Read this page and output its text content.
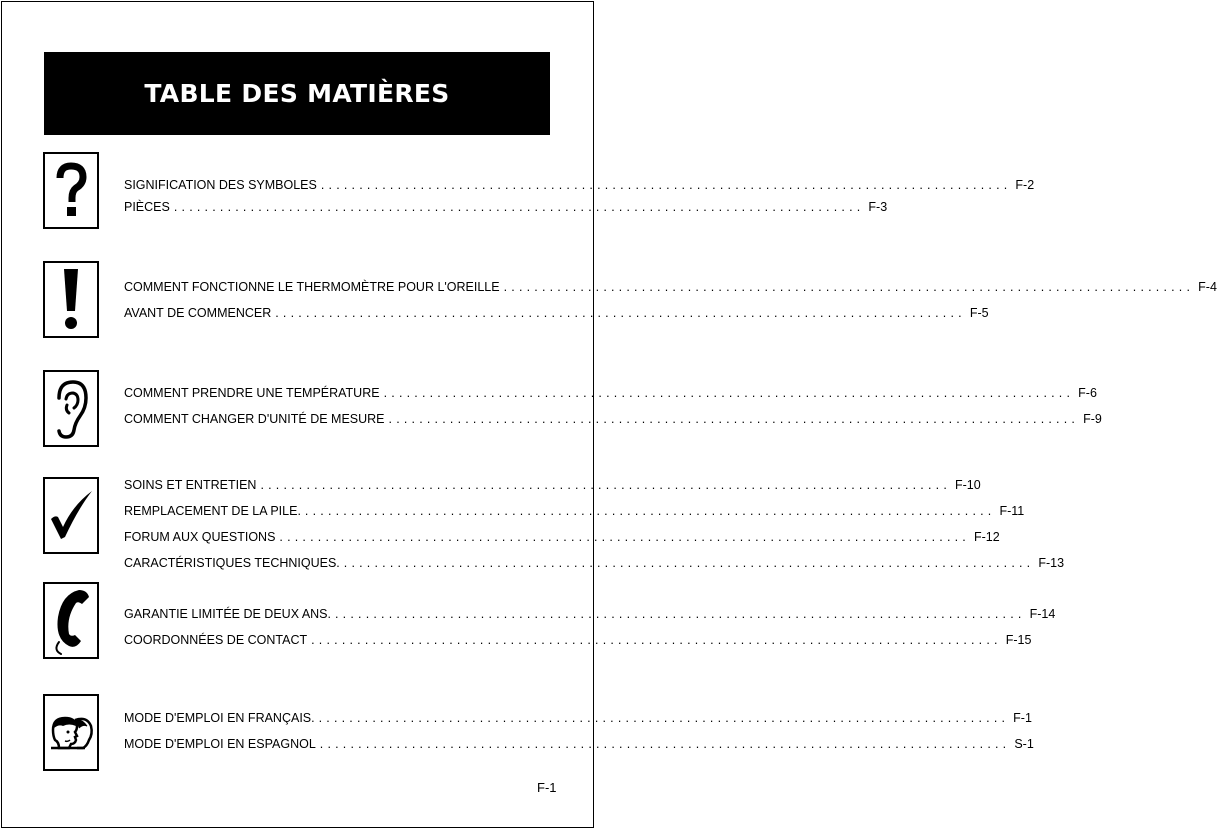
TABLE DES MATIÈRES
SIGNIFICATION DES SYMBOLES .......................................................................................... F-2
PIÈCES .......................................................................................... F-3
COMMENT FONCTIONNE LE THERMOMÈTRE POUR L'OREILLE .......................................................................................... F-4
AVANT DE COMMENCER .......................................................................................... F-5
COMMENT PRENDRE UNE TEMPÉRATURE .......................................................................................... F-6
COMMENT CHANGER D'UNITÉ DE MESURE .......................................................................................... F-9
SOINS ET ENTRETIEN .......................................................................................... F-10
REMPLACEMENT DE LA PILE. .......................................................................................... F-11
FORUM AUX QUESTIONS .......................................................................................... F-12
CARACTÉRISTIQUES TECHNIQUES. .......................................................................................... F-13
GARANTIE LIMITÉE DE DEUX ANS. .......................................................................................... F-14
COORDONNÉES DE CONTACT .......................................................................................... F-15
MODE D'EMPLOI EN FRANÇAIS. .......................................................................................... F-1
MODE D'EMPLOI EN ESPAGNOL .......................................................................................... S-1
F-1
